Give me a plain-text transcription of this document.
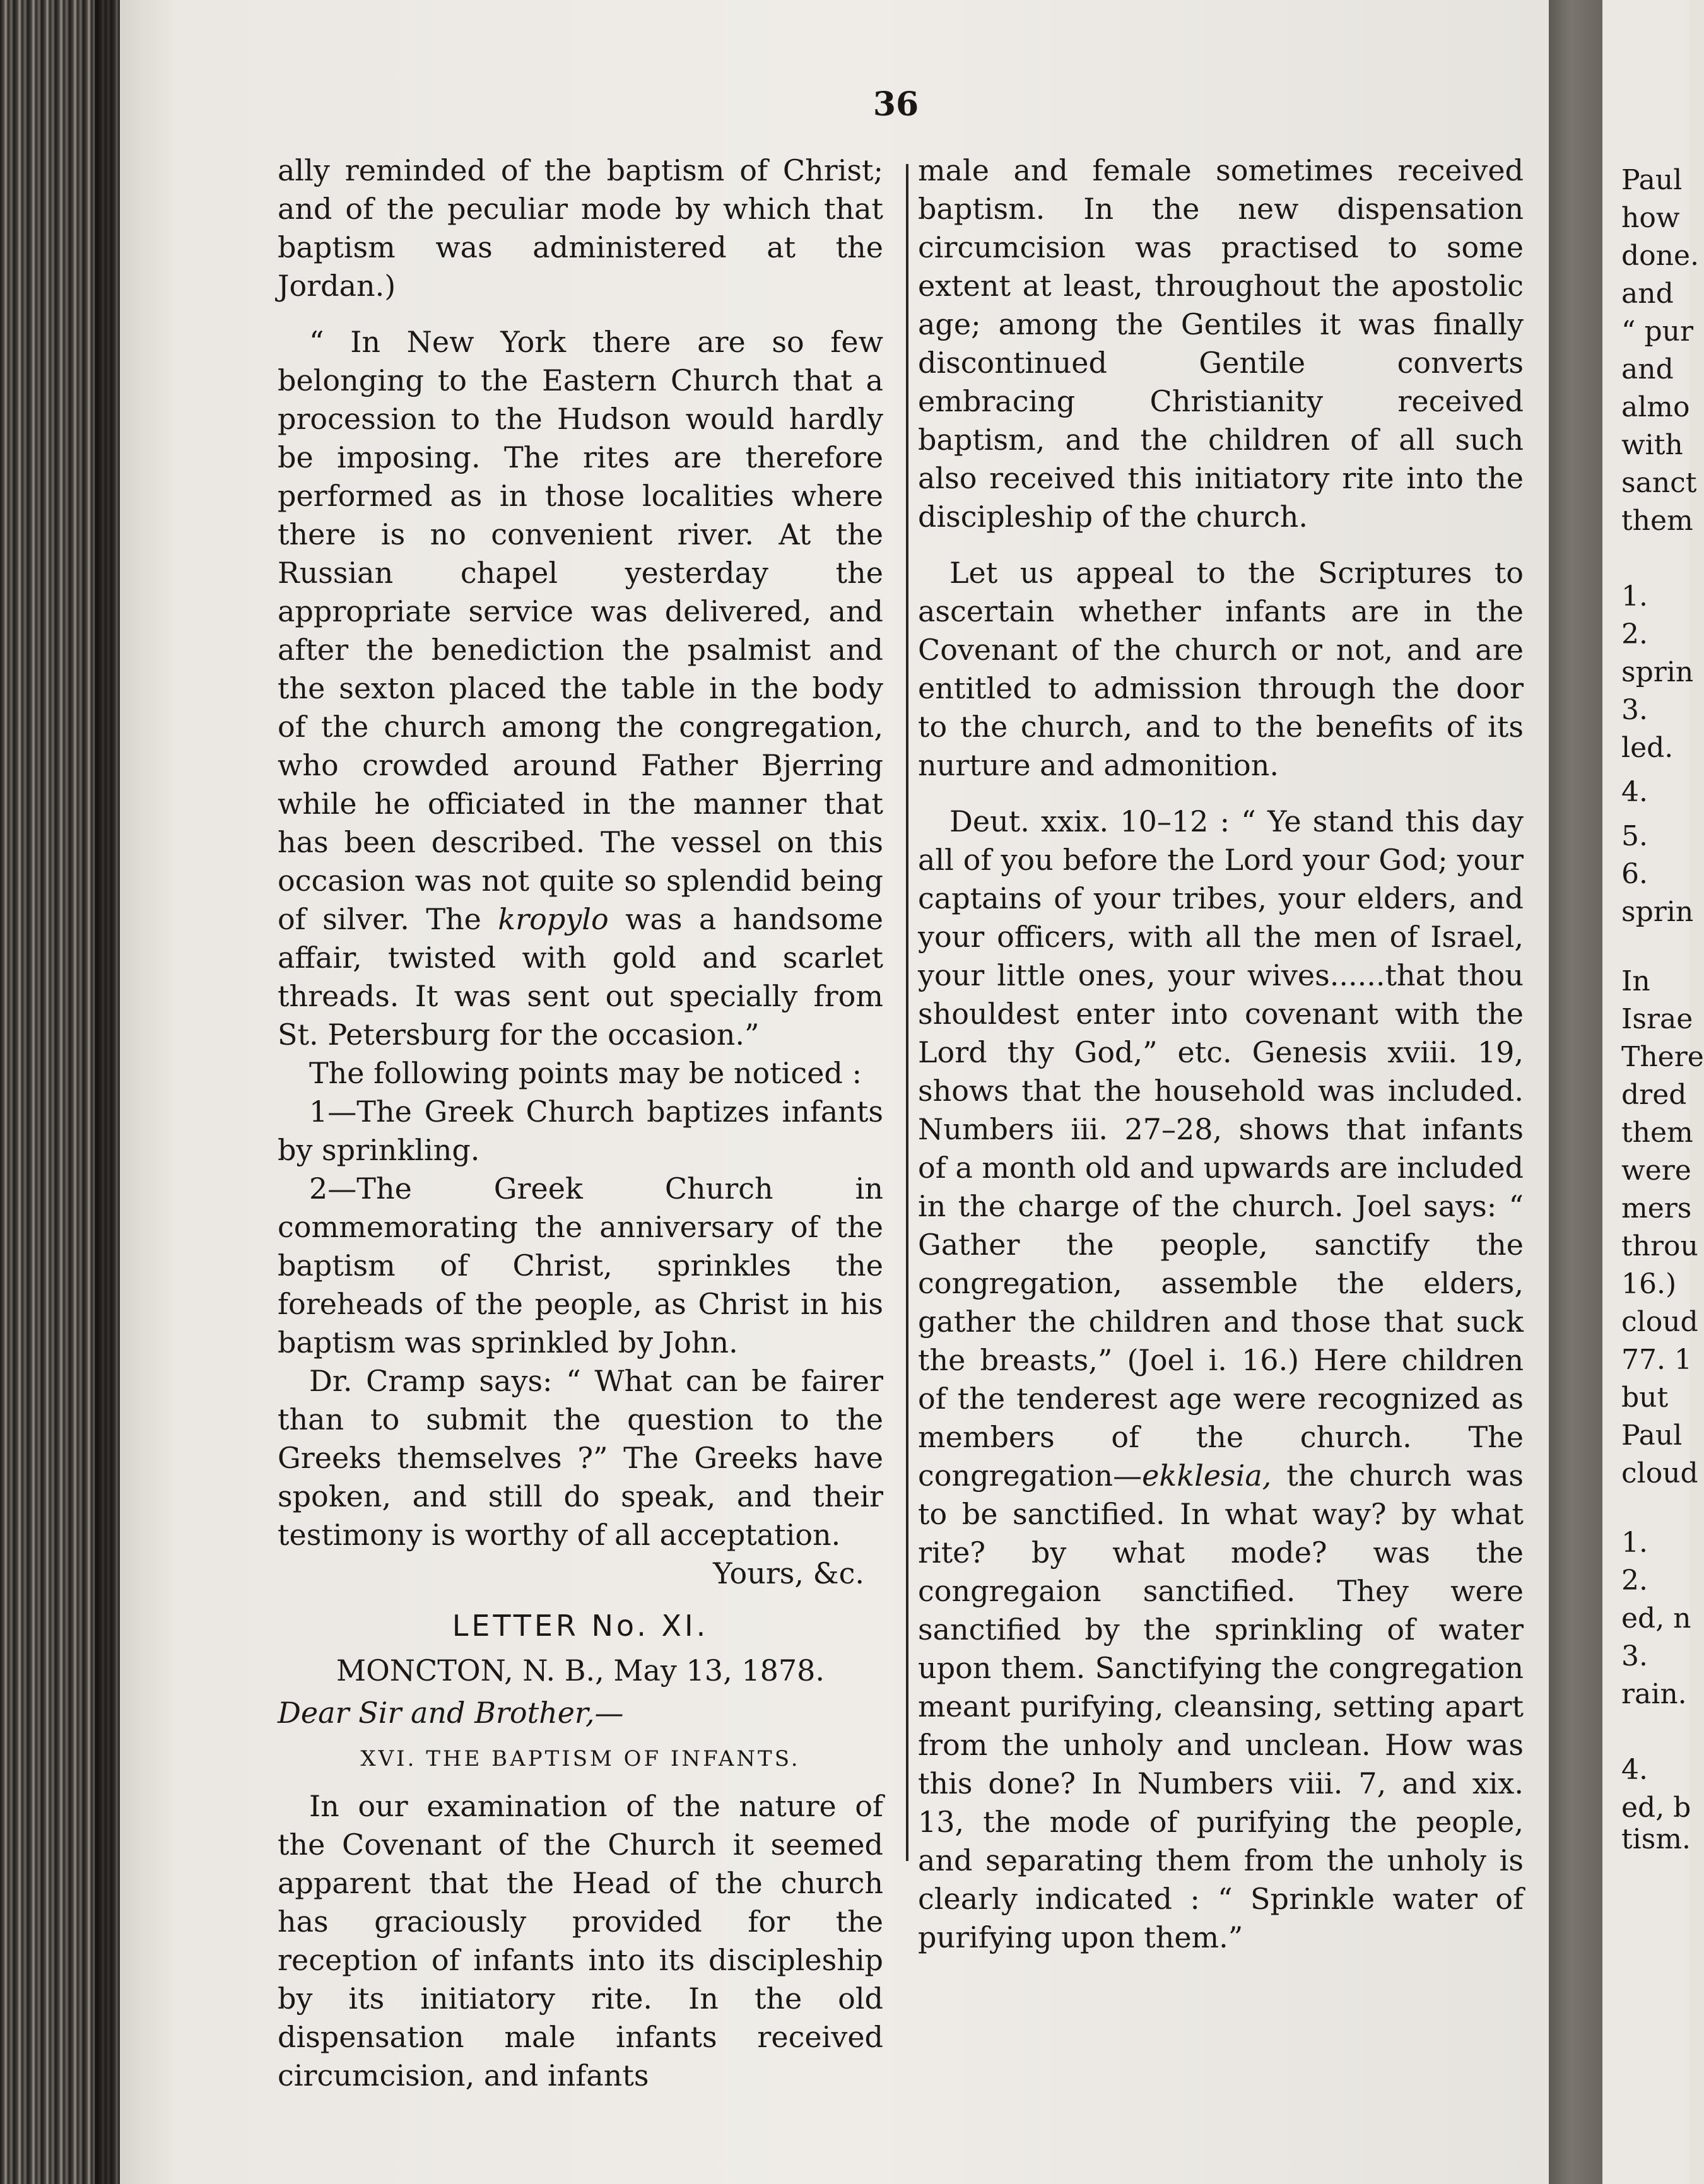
36

ally reminded of the baptism of Christ; and of the peculiar mode by which that baptism was administered at the Jordan.)

“ In New York there are so few belonging to the Eastern Church that a procession to the Hudson would hardly be imposing. The rites are therefore performed as in those localities where there is no convenient river. At the Russian chapel yesterday the appropriate service was delivered, and after the benediction the psalmist and the sexton placed the table in the body of the church among the congregation, who crowded around Father Bjerring while he officiated in the manner that has been described. The vessel on this occasion was not quite so splendid being of silver. The kropylo was a handsome affair, twisted with gold and scarlet threads. It was sent out specially from St. Petersburg for the occasion.”

The following points may be noticed :

1—The Greek Church baptizes infants by sprinkling.

2—The Greek Church in commemorating the anniversary of the baptism of Christ, sprinkles the foreheads of the people, as Christ in his baptism was sprinkled by John.

Dr. Cramp says: “ What can be fairer than to submit the question to the Greeks themselves ?” The Greeks have spoken, and still do speak, and their testimony is worthy of all acceptation.

Yours, &c.

LETTER No. XI.

MONCTON, N. B., May 13, 1878.

Dear Sir and Brother,—

XVI. THE BAPTISM OF INFANTS.

In our examination of the nature of the Covenant of the Church it seemed apparent that the Head of the church has graciously provided for the reception of infants into its discipleship by its initiatory rite. In the old dispensation male infants received circumcision, and infants

male and female sometimes received baptism. In the new dispensation circumcision was practised to some extent at least, throughout the apostolic age; among the Gentiles it was finally discontinued Gentile converts embracing Christianity received baptism, and the children of all such also received this initiatory rite into the discipleship of the church.

Let us appeal to the Scriptures to ascertain whether infants are in the Covenant of the church or not, and are entitled to admission through the door to the church, and to the benefits of its nurture and admonition.

Deut. xxix. 10–12 : “ Ye stand this day all of you before the Lord your God; your captains of your tribes, your elders, and your officers, with all the men of Israel, your little ones, your wives......that thou shouldest enter into covenant with the Lord thy God,” etc. Genesis xviii. 19, shows that the household was included. Numbers iii. 27–28, shows that infants of a month old and upwards are included in the charge of the church. Joel says: “ Gather the people, sanctify the congregation, assemble the elders, gather the children and those that suck the breasts,” (Joel i. 16.) Here children of the tenderest age were recognized as members of the church. The congregation—ekklesia, the church was to be sanctified. In what way? by what rite? by what mode? was the congregaion sanctified. They were sanctified by the sprinkling of water upon them. Sanctifying the congregation meant purifying, cleansing, setting apart from the unholy and unclean. How was this done? In Numbers viii. 7, and xix. 13, the mode of purifying the people, and separating them from the unholy is clearly indicated : “ Sprinkle water of purifying upon them.”

Paul
how
done.
and
“ pur
and
almo
with
sanct
them
1.
2.
sprin
3.
led.
4.
5.
6.
sprin
In
Israe
There
dred
them
were
mers
throu
16.)
cloud
77. 1
but
Paul
cloud
1.
2.
ed, n
3.
rain.
4.
ed, b
tism.
